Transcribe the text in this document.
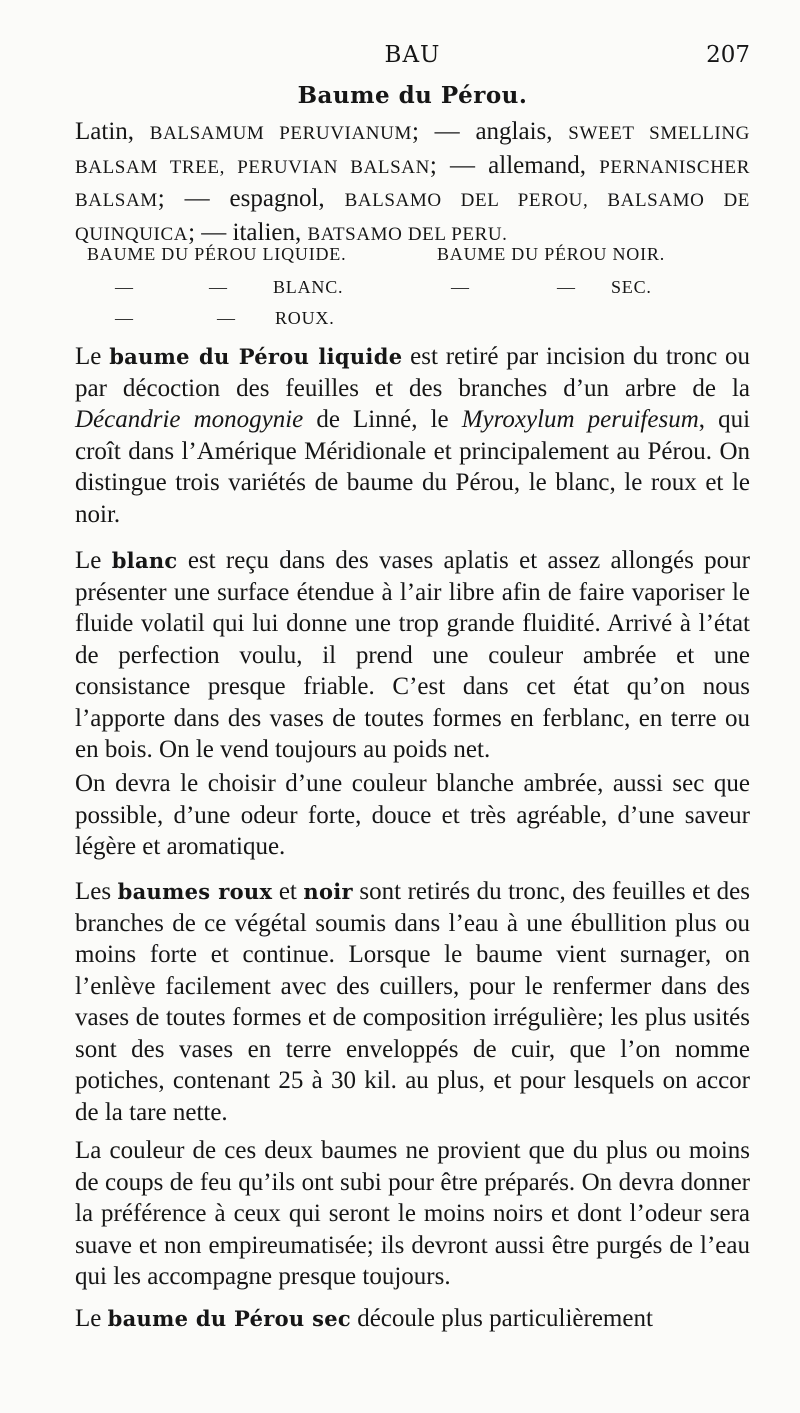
BAU	207
Baume du Pérou.
Latin, BALSAMUM PERUVIANUM; — anglais, SWEET SMELLING BALSAM TREE, PERUVIAN BALSAN; — allemand, PERNANISCHER BALSAM; — espagnol, BALSAMO DEL PEROU, BALSAMO DE QUINQUICA; — italien, BATSAMO DEL PERU.
BAUME DU PÉROU LIQUIDE.	BAUME DU PÉROU NOIR.
—	—	BLANC.	—	— SEC.
—	— ROUX.
Le baume du Pérou liquide est retiré par incision du tronc ou par décoction des feuilles et des branches d’un arbre de la Décandrie monogynie de Linné, le Myroxylum peruifesum, qui croît dans l’Amérique Méridionale et principalement au Pérou. On distingue trois variétés de baume du Pérou, le blanc, le roux et le noir.
Le blanc est reçu dans des vases aplatis et assez allongés pour présenter une surface étendue à l’air libre afin de faire vaporiser le fluide volatil qui lui donne une trop grande fluidité. Arrivé à l’état de perfection voulu, il prend une couleur ambrée et une consistance presque friable. C’est dans cet état qu’on nous l’apporte dans des vases de toutes formes en ferblanc, en terre ou en bois. On le vend toujours au poids net.
On devra le choisir d’une couleur blanche ambrée, aussi sec que possible, d’une odeur forte, douce et très agréable, d’une saveur légère et aromatique.
Les baumes roux et noir sont retirés du tronc, des feuilles et des branches de ce végétal soumis dans l’eau à une ébullition plus ou moins forte et continue. Lorsque le baume vient surnager, on l’enlève facilement avec des cuillers, pour le renfermer dans des vases de toutes formes et de composition irrégulière; les plus usités sont des vases en terre enveloppés de cuir, que l’on nomme potiches, contenant 25 à 30 kil. au plus, et pour lesquels on accor de la tare nette.
La couleur de ces deux baumes ne provient que du plus ou moins de coups de feu qu’ils ont subi pour être préparés. On devra donner la préférence à ceux qui seront le moins noirs et dont l’odeur sera suave et non empireumatisée; ils devront aussi être purgés de l’eau qui les accompagne presque toujours.
Le baume du Pérou sec découle plus particulièrement
